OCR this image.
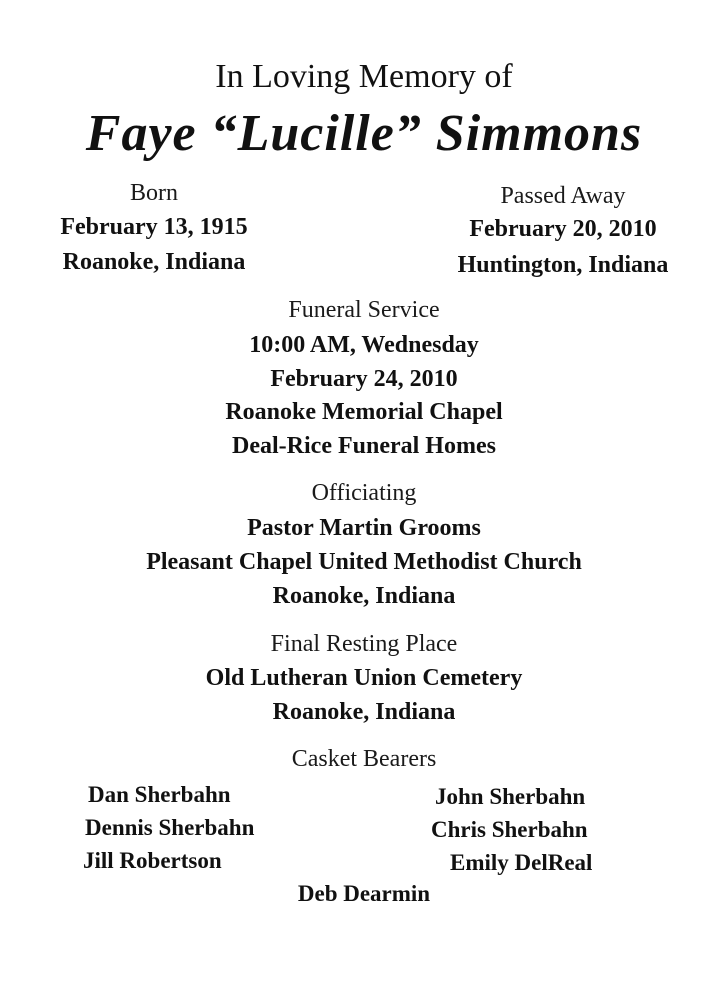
In Loving Memory of
Faye “Lucille” Simmons
Born
February 13, 1915
Roanoke, Indiana
Passed Away
February 20, 2010
Huntington, Indiana
Funeral Service
10:00 AM, Wednesday
February 24, 2010
Roanoke Memorial Chapel
Deal-Rice Funeral Homes
Officiating
Pastor Martin Grooms
Pleasant Chapel United Methodist Church
Roanoke, Indiana
Final Resting Place
Old Lutheran Union Cemetery
Roanoke, Indiana
Casket Bearers
Dan Sherbahn
Dennis Sherbahn
Jill Robertson
John Sherbahn
Chris Sherbahn
Emily DelReal
Deb Dearmin
